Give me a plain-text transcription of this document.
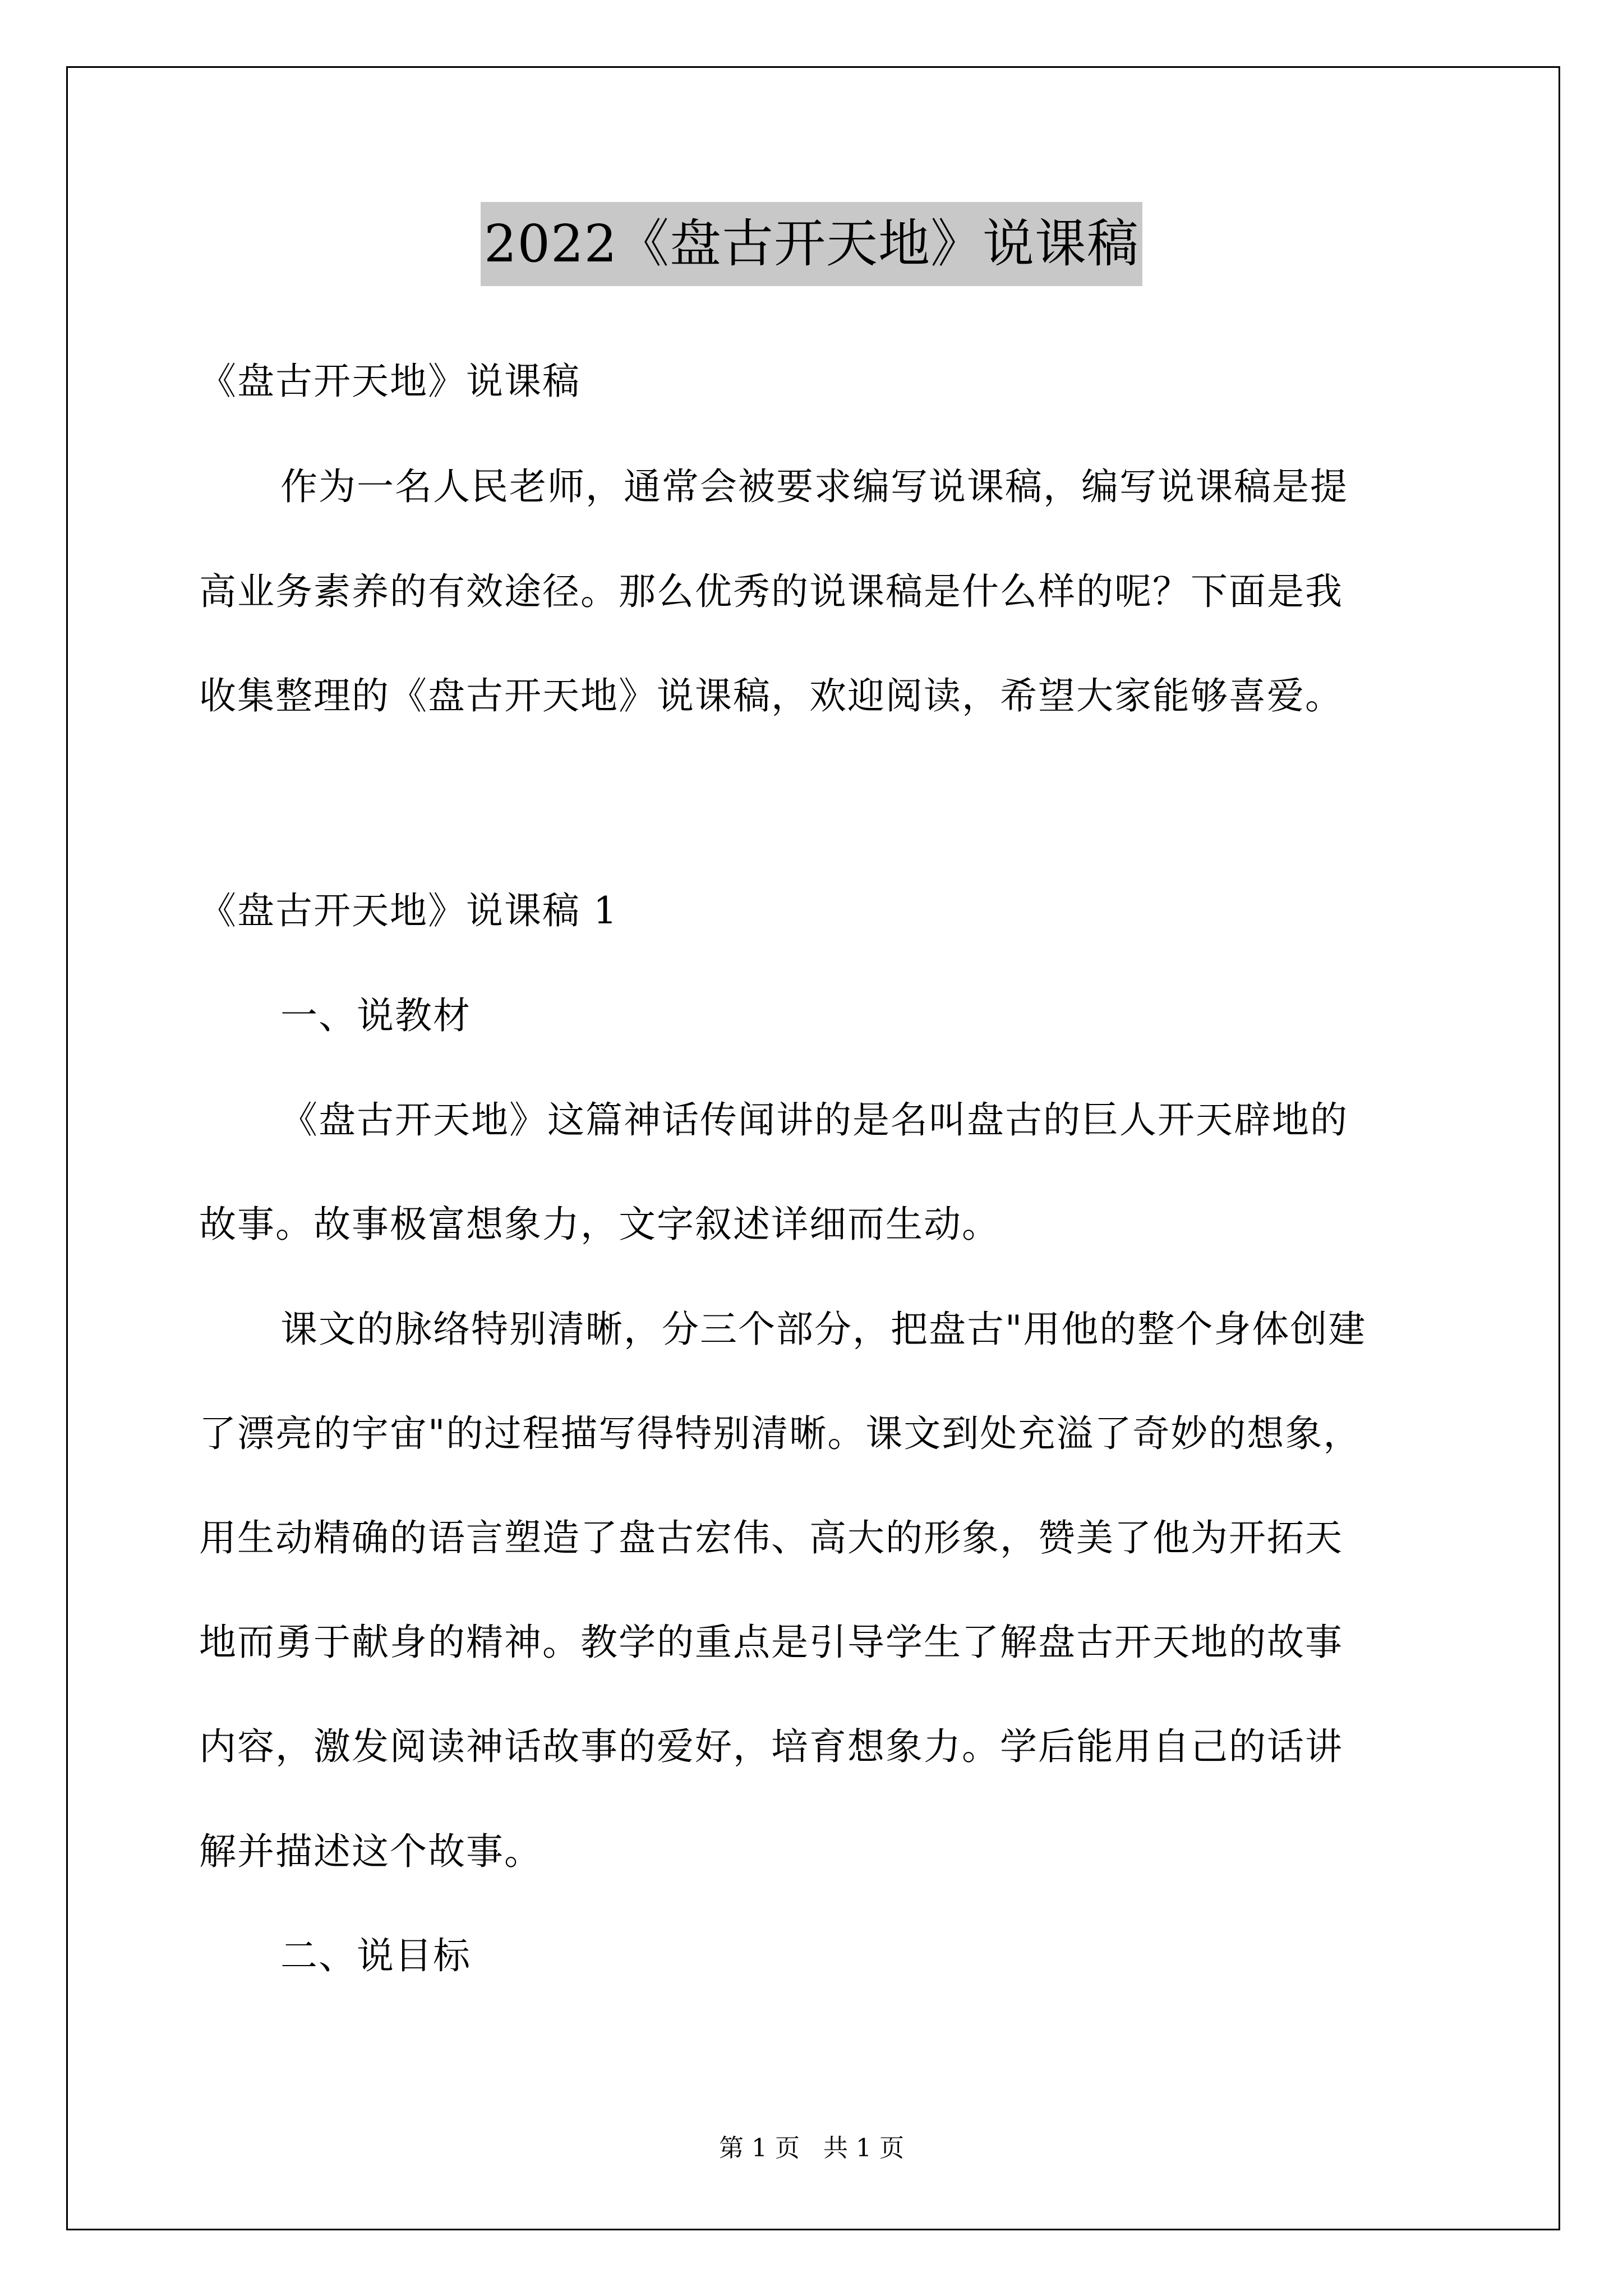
2022《盘古开天地》说课稿
《盘古开天地》说课稿
作为一名人民老师，通常会被要求编写说课稿，编写说课稿是提
高业务素养的有效途径。那么优秀的说课稿是什么样的呢？下面是我
收集整理的《盘古开天地》说课稿，欢迎阅读，希望大家能够喜爱。
《盘古开天地》说课稿 1
一、说教材
《盘古开天地》这篇神话传闻讲的是名叫盘古的巨人开天辟地的
故事。故事极富想象力，文字叙述详细而生动。
课文的脉络特别清晰，分三个部分，把盘古"用他的整个身体创建
了漂亮的宇宙"的过程描写得特别清晰。课文到处充溢了奇妙的想象，
用生动精确的语言塑造了盘古宏伟、高大的形象，赞美了他为开拓天
地而勇于献身的精神。教学的重点是引导学生了解盘古开天地的故事
内容，激发阅读神话故事的爱好，培育想象力。学后能用自己的话讲
解并描述这个故事。
二、说目标
第 1 页 共 1 页
